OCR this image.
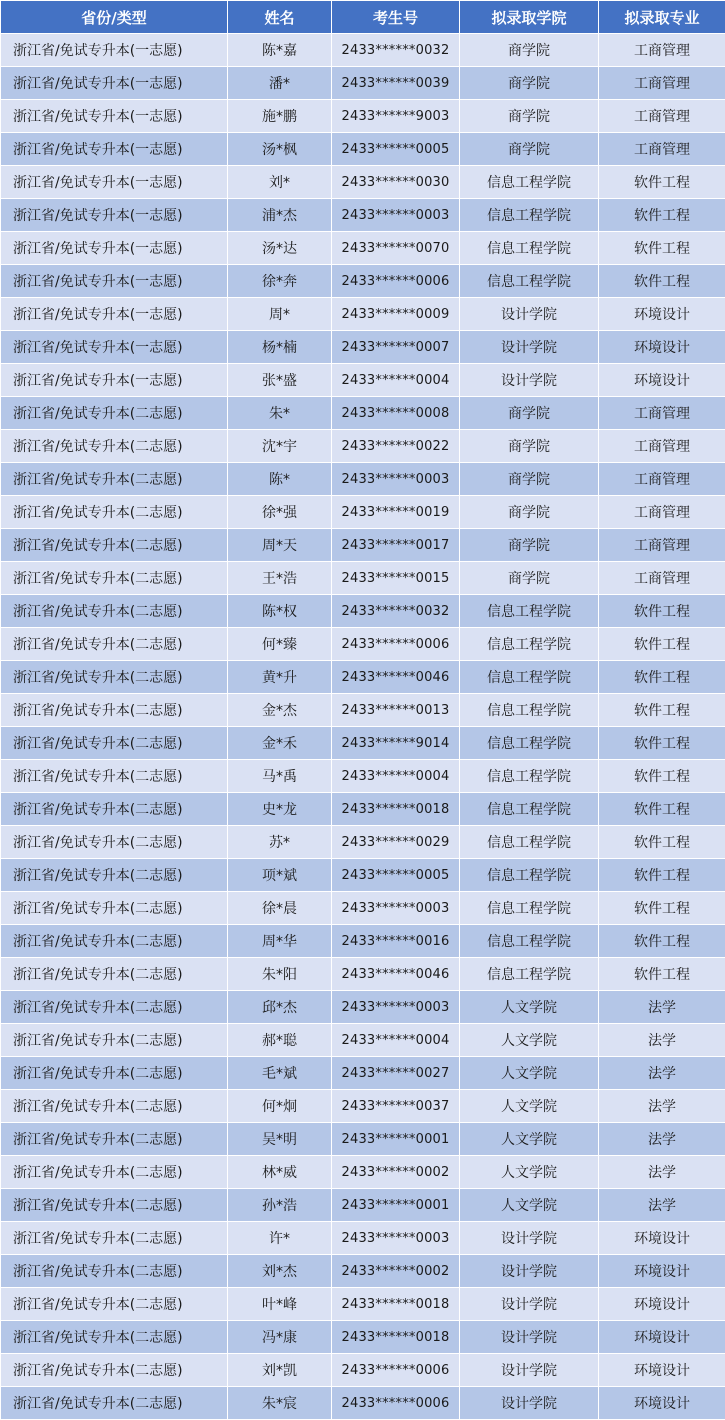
省份/类型	姓名	考生号	拟录取学院	拟录取专业
浙江省/免试专升本(一志愿)	陈*嘉	2433******0032	商学院	工商管理
浙江省/免试专升本(一志愿)	潘*	2433******0039	商学院	工商管理
浙江省/免试专升本(一志愿)	施*鹏	2433******9003	商学院	工商管理
浙江省/免试专升本(一志愿)	汤*枫	2433******0005	商学院	工商管理
浙江省/免试专升本(一志愿)	刘*	2433******0030	信息工程学院	软件工程
浙江省/免试专升本(一志愿)	浦*杰	2433******0003	信息工程学院	软件工程
浙江省/免试专升本(一志愿)	汤*达	2433******0070	信息工程学院	软件工程
浙江省/免试专升本(一志愿)	徐*奔	2433******0006	信息工程学院	软件工程
浙江省/免试专升本(一志愿)	周*	2433******0009	设计学院	环境设计
浙江省/免试专升本(一志愿)	杨*楠	2433******0007	设计学院	环境设计
浙江省/免试专升本(一志愿)	张*盛	2433******0004	设计学院	环境设计
浙江省/免试专升本(二志愿)	朱*	2433******0008	商学院	工商管理
浙江省/免试专升本(二志愿)	沈*宇	2433******0022	商学院	工商管理
浙江省/免试专升本(二志愿)	陈*	2433******0003	商学院	工商管理
浙江省/免试专升本(二志愿)	徐*强	2433******0019	商学院	工商管理
浙江省/免试专升本(二志愿)	周*天	2433******0017	商学院	工商管理
浙江省/免试专升本(二志愿)	王*浩	2433******0015	商学院	工商管理
浙江省/免试专升本(二志愿)	陈*权	2433******0032	信息工程学院	软件工程
浙江省/免试专升本(二志愿)	何*臻	2433******0006	信息工程学院	软件工程
浙江省/免试专升本(二志愿)	黄*升	2433******0046	信息工程学院	软件工程
浙江省/免试专升本(二志愿)	金*杰	2433******0013	信息工程学院	软件工程
浙江省/免试专升本(二志愿)	金*禾	2433******9014	信息工程学院	软件工程
浙江省/免试专升本(二志愿)	马*禹	2433******0004	信息工程学院	软件工程
浙江省/免试专升本(二志愿)	史*龙	2433******0018	信息工程学院	软件工程
浙江省/免试专升本(二志愿)	苏*	2433******0029	信息工程学院	软件工程
浙江省/免试专升本(二志愿)	项*斌	2433******0005	信息工程学院	软件工程
浙江省/免试专升本(二志愿)	徐*晨	2433******0003	信息工程学院	软件工程
浙江省/免试专升本(二志愿)	周*华	2433******0016	信息工程学院	软件工程
浙江省/免试专升本(二志愿)	朱*阳	2433******0046	信息工程学院	软件工程
浙江省/免试专升本(二志愿)	邱*杰	2433******0003	人文学院	法学
浙江省/免试专升本(二志愿)	郝*聪	2433******0004	人文学院	法学
浙江省/免试专升本(二志愿)	毛*斌	2433******0027	人文学院	法学
浙江省/免试专升本(二志愿)	何*炯	2433******0037	人文学院	法学
浙江省/免试专升本(二志愿)	吴*明	2433******0001	人文学院	法学
浙江省/免试专升本(二志愿)	林*威	2433******0002	人文学院	法学
浙江省/免试专升本(二志愿)	孙*浩	2433******0001	人文学院	法学
浙江省/免试专升本(二志愿)	许*	2433******0003	设计学院	环境设计
浙江省/免试专升本(二志愿)	刘*杰	2433******0002	设计学院	环境设计
浙江省/免试专升本(二志愿)	叶*峰	2433******0018	设计学院	环境设计
浙江省/免试专升本(二志愿)	冯*康	2433******0018	设计学院	环境设计
浙江省/免试专升本(二志愿)	刘*凯	2433******0006	设计学院	环境设计
浙江省/免试专升本(二志愿)	朱*宸	2433******0006	设计学院	环境设计
